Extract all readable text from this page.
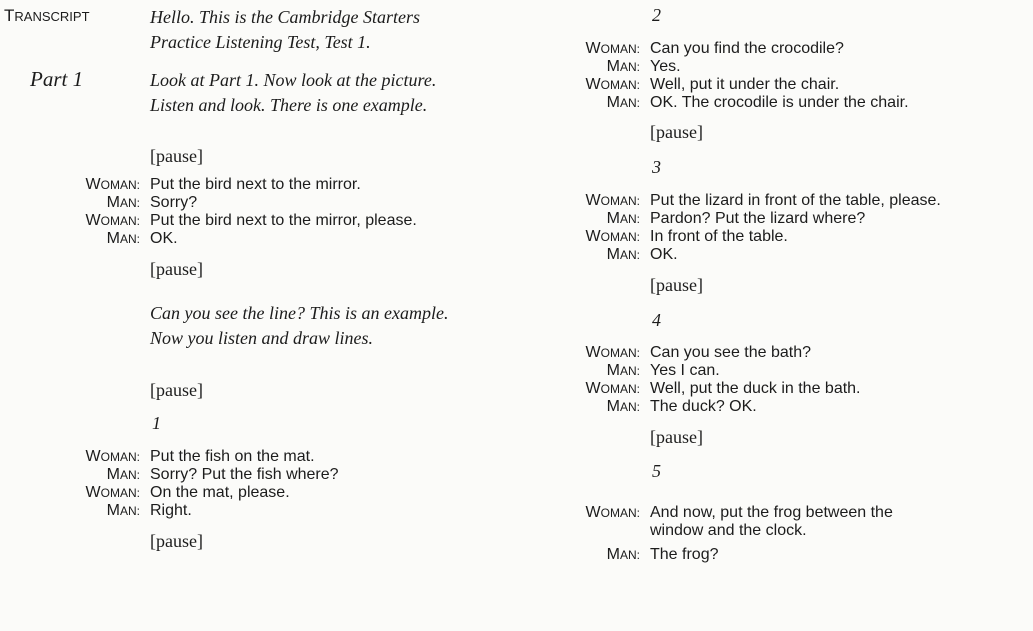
TRANSCRIPT	Hello. This is the Cambridge Starters Practice Listening Test, Test 1.
Part 1	Look at Part 1. Now look at the picture. Listen and look. There is one example.
[pause]
WOMAN: Put the bird next to the mirror.
MAN: Sorry?
WOMAN: Put the bird next to the mirror, please.
MAN: OK.
[pause]
Can you see the line? This is an example. Now you listen and draw lines.
[pause]
1
WOMAN: Put the fish on the mat.
MAN: Sorry? Put the fish where?
WOMAN: On the mat, please.
MAN: Right.
[pause]
2
WOMAN: Can you find the crocodile?
MAN: Yes.
WOMAN: Well, put it under the chair.
MAN: OK. The crocodile is under the chair.
[pause]
3
WOMAN: Put the lizard in front of the table, please.
MAN: Pardon? Put the lizard where?
WOMAN: In front of the table.
MAN: OK.
[pause]
4
WOMAN: Can you see the bath?
MAN: Yes I can.
WOMAN: Well, put the duck in the bath.
MAN: The duck? OK.
[pause]
5
WOMAN: And now, put the frog between the
window and the clock.
MAN: The frog?
